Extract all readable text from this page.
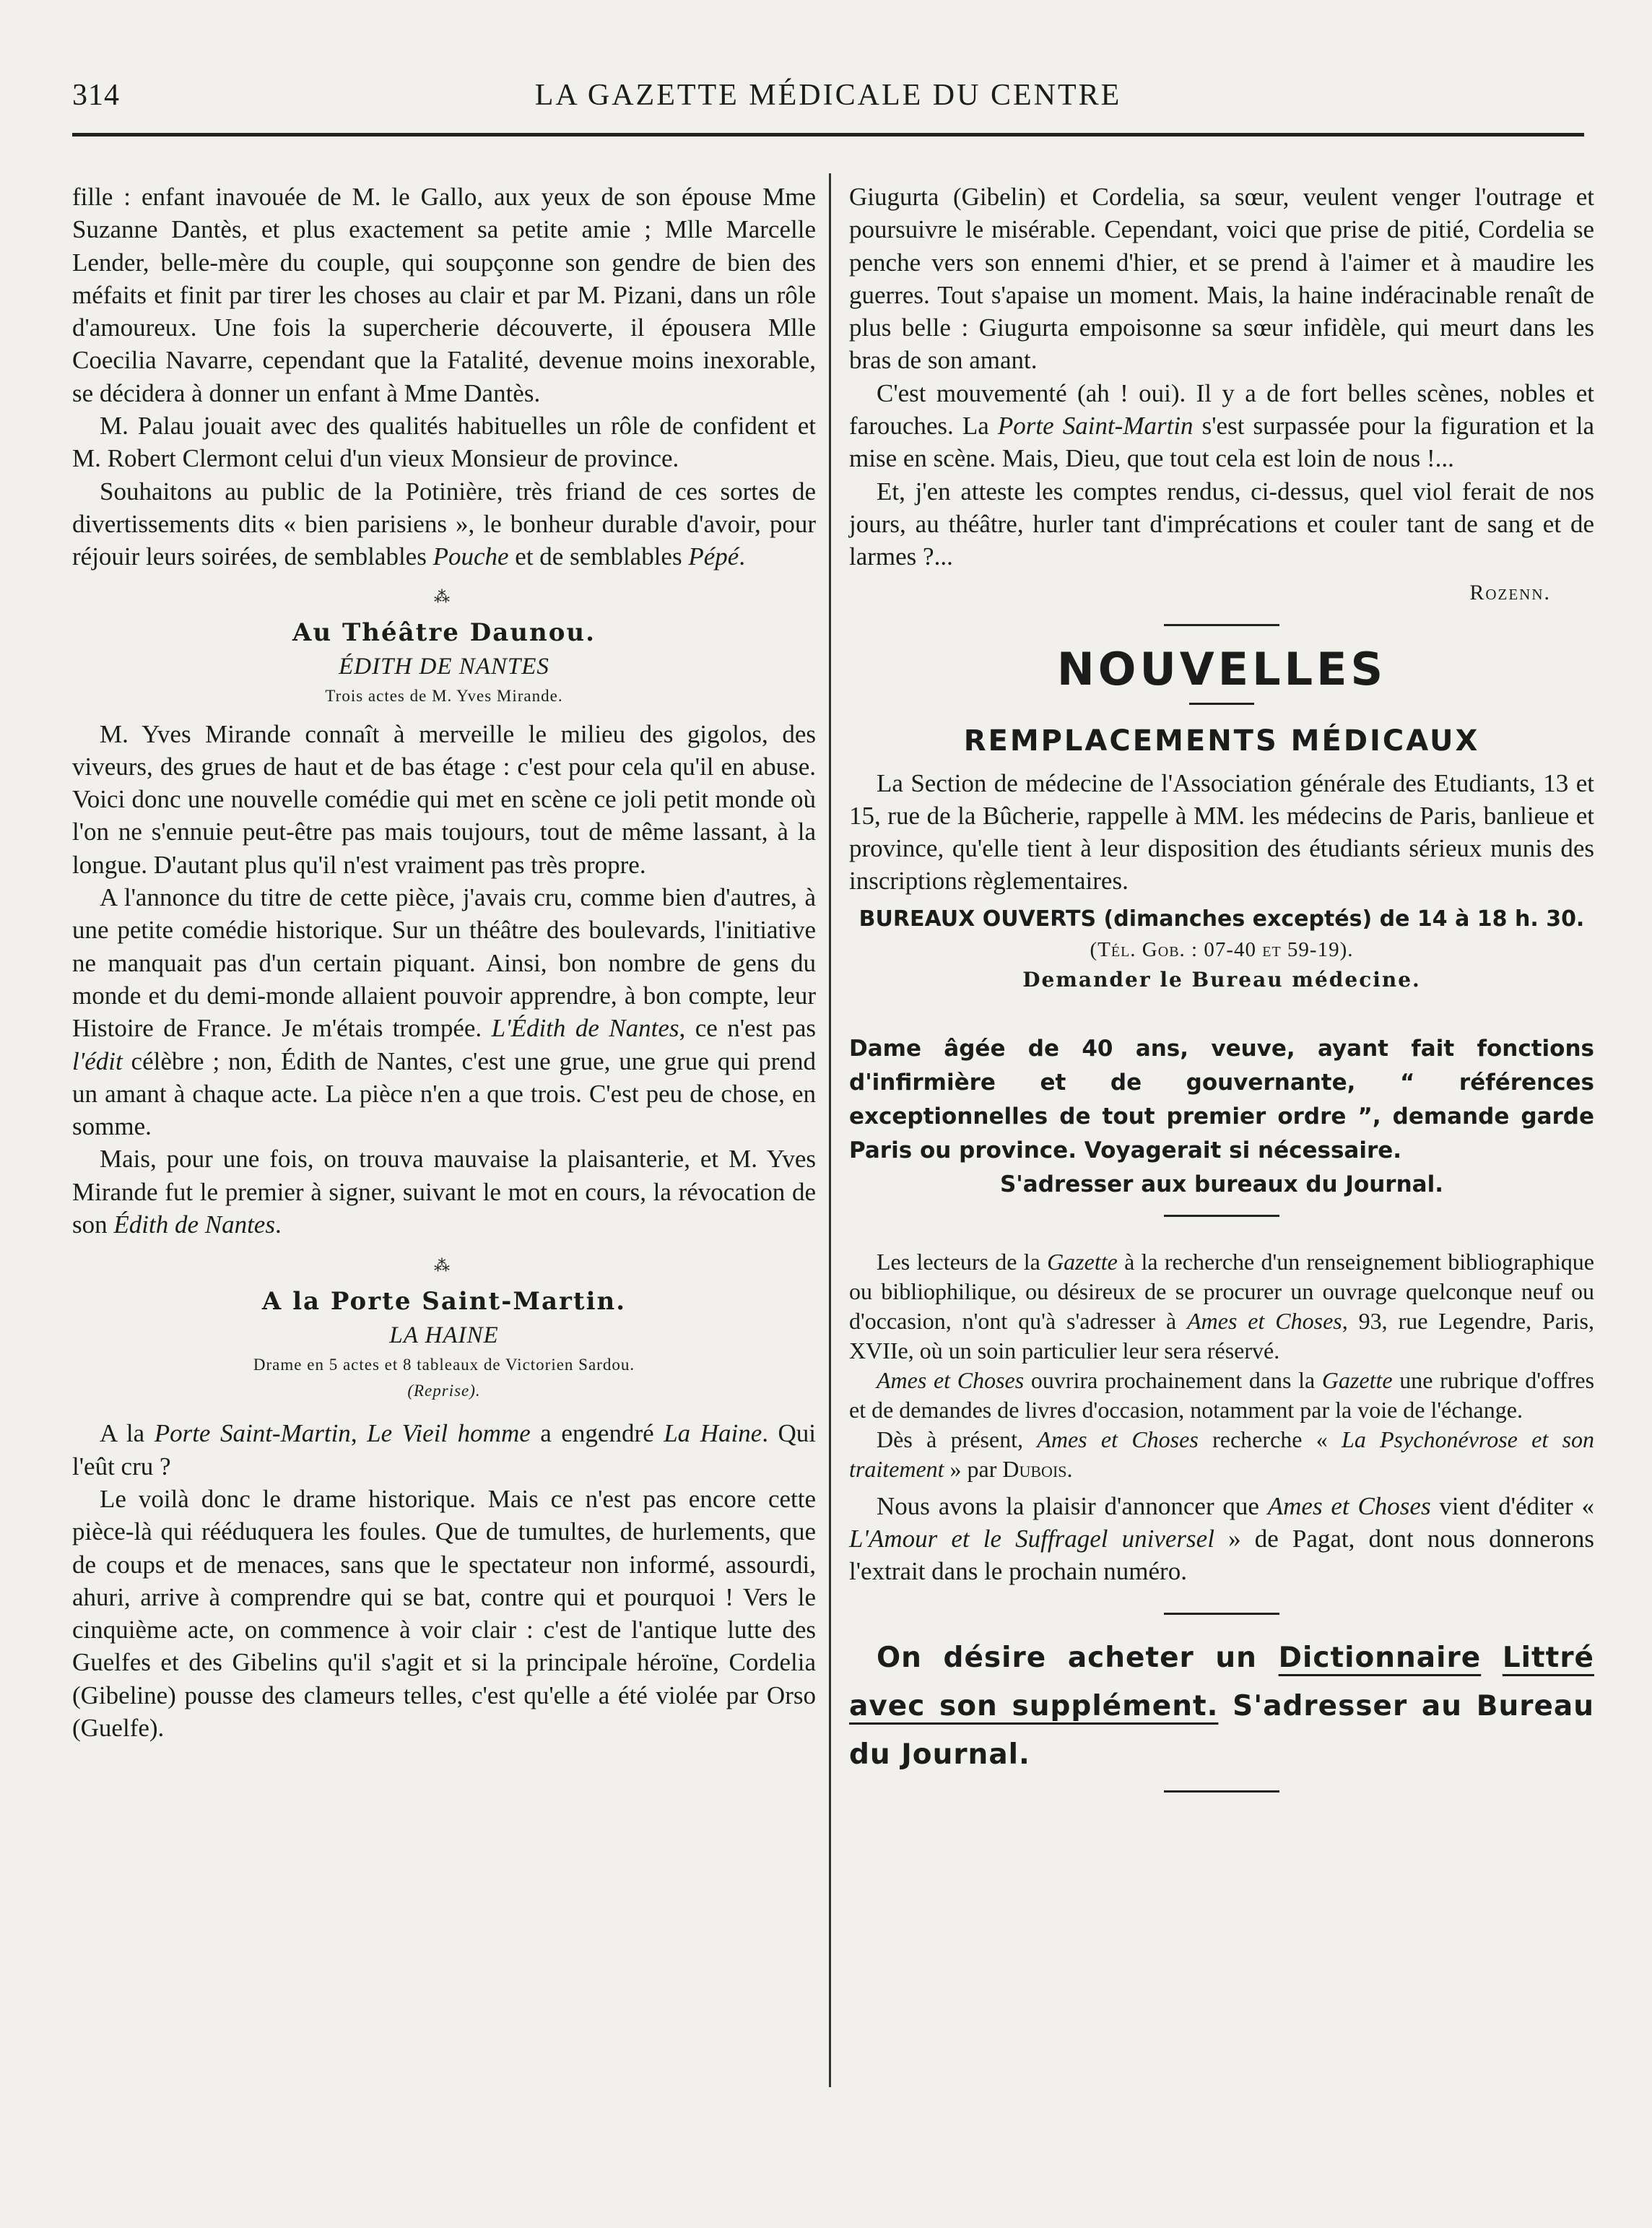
314	LA GAZETTE MÉDICALE DU CENTRE

fille : enfant inavouée de M. le Gallo, aux yeux de son épouse Mme Suzanne Dantès, et plus exactement sa petite amie ; Mlle Marcelle Lender, belle-mère du couple, qui soupçonne son gendre de bien des méfaits et finit par tirer les choses au clair et par M. Pizani, dans un rôle d'amoureux. Une fois la supercherie découverte, il épousera Mlle Coecilia Navarre, cependant que la Fatalité, devenue moins inexorable, se décidera à donner un enfant à Mme Dantès.

M. Palau jouait avec des qualités habituelles un rôle de confident et M. Robert Clermont celui d'un vieux Monsieur de province.

Souhaitons au public de la Potinière, très friand de ces sortes de divertissements dits « bien parisiens », le bonheur durable d'avoir, pour réjouir leurs soirées, de semblables Pouche et de semblables Pépé.

⁂
Au Théâtre Daunou.
ÉDITH DE NANTES
Trois actes de M. Yves Mirande.

M. Yves Mirande connaît à merveille le milieu des gigolos, des viveurs, des grues de haut et de bas étage : c'est pour cela qu'il en abuse. Voici donc une nouvelle comédie qui met en scène ce joli petit monde où l'on ne s'ennuie peut-être pas mais toujours, tout de même lassant, à la longue. D'autant plus qu'il n'est vraiment pas très propre.

A l'annonce du titre de cette pièce, j'avais cru, comme bien d'autres, à une petite comédie historique. Sur un théâtre des boulevards, l'initiative ne manquait pas d'un certain piquant. Ainsi, bon nombre de gens du monde et du demi-monde allaient pouvoir apprendre, à bon compte, leur Histoire de France. Je m'étais trompée. L'Édith de Nantes, ce n'est pas l'édit célèbre ; non, Édith de Nantes, c'est une grue, une grue qui prend un amant à chaque acte. La pièce n'en a que trois. C'est peu de chose, en somme.

Mais, pour une fois, on trouva mauvaise la plaisanterie, et M. Yves Mirande fut le premier à signer, suivant le mot en cours, la révocation de son Édith de Nantes.

⁂
A la Porte Saint-Martin.
LA HAINE
Drame en 5 actes et 8 tableaux de Victorien Sardou.
(Reprise).

A la Porte Saint-Martin, Le Vieil homme a engendré La Haine. Qui l'eût cru ?

Le voilà donc le drame historique. Mais ce n'est pas encore cette pièce-là qui rééduquera les foules. Que de tumultes, de hurlements, que de coups et de menaces, sans que le spectateur non informé, assourdi, ahuri, arrive à comprendre qui se bat, contre qui et pourquoi ! Vers le cinquième acte, on commence à voir clair : c'est de l'antique lutte des Guelfes et des Gibelins qu'il s'agit et si la principale héroïne, Cordelia (Gibeline) pousse des clameurs telles, c'est qu'elle a été violée par Orso (Guelfe).

Giugurta (Gibelin) et Cordelia, sa sœur, veulent venger l'outrage et poursuivre le misérable. Cependant, voici que prise de pitié, Cordelia se penche vers son ennemi d'hier, et se prend à l'aimer et à maudire les guerres. Tout s'apaise un moment. Mais, la haine indéracinable renaît de plus belle : Giugurta empoisonne sa sœur infidèle, qui meurt dans les bras de son amant.

C'est mouvementé (ah ! oui). Il y a de fort belles scènes, nobles et farouches. La Porte Saint-Martin s'est surpassée pour la figuration et la mise en scène. Mais, Dieu, que tout cela est loin de nous !...

Et, j'en atteste les comptes rendus, ci-dessus, quel viol ferait de nos jours, au théâtre, hurler tant d'imprécations et couler tant de sang et de larmes ?...

Rozenn.
NOUVELLES
REMPLACEMENTS MÉDICAUX

La Section de médecine de l'Association générale des Etudiants, 13 et 15, rue de la Bûcherie, rappelle à MM. les médecins de Paris, banlieue et province, qu'elle tient à leur disposition des étudiants sérieux munis des inscriptions règlementaires.

BUREAUX OUVERTS (dimanches exceptés) de 14 à 18 h. 30.
(Tél. Gob. : 07-40 et 59-19).
Demander le Bureau médecine.

Dame âgée de 40 ans, veuve, ayant fait fonctions d'infirmière et de gouvernante, “ références exceptionnelles de tout premier ordre ”, demande garde Paris ou province. Voyagerait si nécessaire.

S'adresser aux bureaux du Journal.

Les lecteurs de la Gazette à la recherche d'un renseignement bibliographique ou bibliophilique, ou désireux de se procurer un ouvrage quelconque neuf ou d'occasion, n'ont qu'à s'adresser à Ames et Choses, 93, rue Legendre, Paris, XVIIe, où un soin particulier leur sera réservé.

Ames et Choses ouvrira prochainement dans la Gazette une rubrique d'offres et de demandes de livres d'occasion, notamment par la voie de l'échange.

Dès à présent, Ames et Choses recherche « La Psychonévrose et son traitement » par Dubois.

Nous avons la plaisir d'annoncer que Ames et Choses vient d'éditer « L'Amour et le Suffragel universel » de Pagat, dont nous donnerons l'extrait dans le prochain numéro.

On désire acheter un Dictionnaire Littré avec son supplément. S'adresser au Bureau du Journal.
